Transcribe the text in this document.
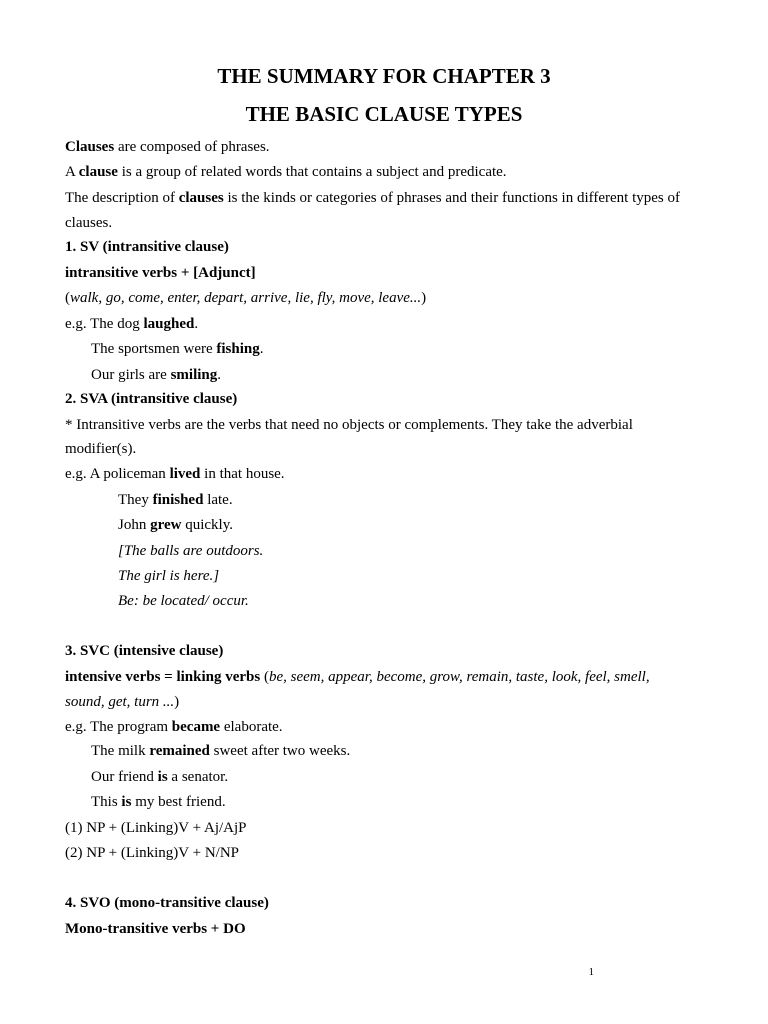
THE SUMMARY FOR CHAPTER 3
THE BASIC CLAUSE TYPES
Clauses are composed of phrases.
A clause is a group of related words that contains a subject and predicate.
The description of clauses is the kinds or categories of phrases and their functions in different types of
clauses.
1. SV (intransitive clause)
intransitive verbs + [Adjunct]
(walk, go, come, enter, depart, arrive, lie, fly, move, leave...)
e.g. The dog laughed.
The sportsmen were fishing.
Our girls are smiling.
2. SVA (intransitive clause)
* Intransitive verbs are the verbs that need no objects or complements. They take the adverbial
modifier(s).
e.g. A policeman lived in that house.
They finished late.
John grew quickly.
[The balls are outdoors.
The girl is here.]
Be: be located/ occur.
3. SVC (intensive clause)
intensive verbs = linking verbs (be, seem, appear, become, grow, remain, taste, look, feel, smell,
sound, get, turn ...)
e.g. The program became elaborate.
The milk remained sweet after two weeks.
Our friend is a senator.
This is my best friend.
(1) NP + (Linking)V + Aj/AjP
(2) NP + (Linking)V + N/NP
4. SVO (mono-transitive clause)
Mono-transitive verbs + DO
1
